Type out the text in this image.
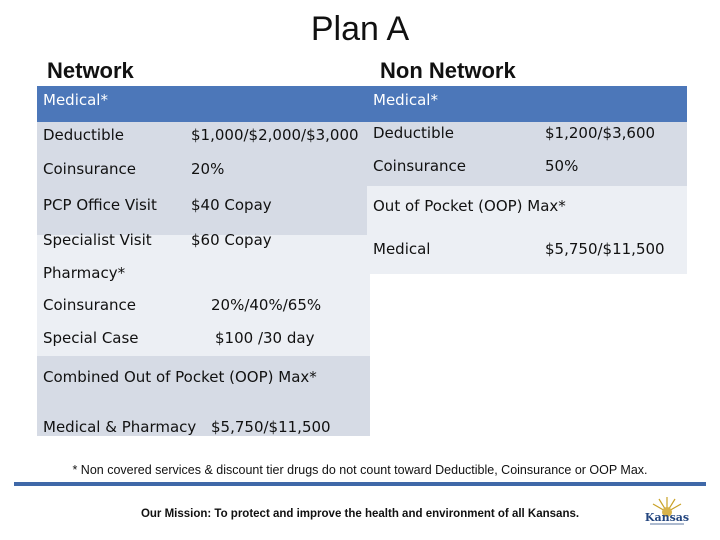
Plan A
Network	Non Network
Medical*
Deductible	$1,000/$2,000/$3,000
Coinsurance	20%
PCP Office Visit $40 Copay
Specialist Visit	$60 Copay
Pharmacy*
Coinsurance	20%/40%/65%
Special Case	$100 /30 day
Combined Out of Pocket (OOP) Max*
Medical & Pharmacy $5,750/$11,500
Medical*
Deductible	$1,200/$3,600
Coinsurance	50%
Out of Pocket (OOP) Max*
Medical	$5,750/$11,500
* Non covered services & discount tier drugs do not count toward Deductible, Coinsurance or OOP Max.
Our Mission: To protect and improve the health and environment of all Kansans.	Kansas
